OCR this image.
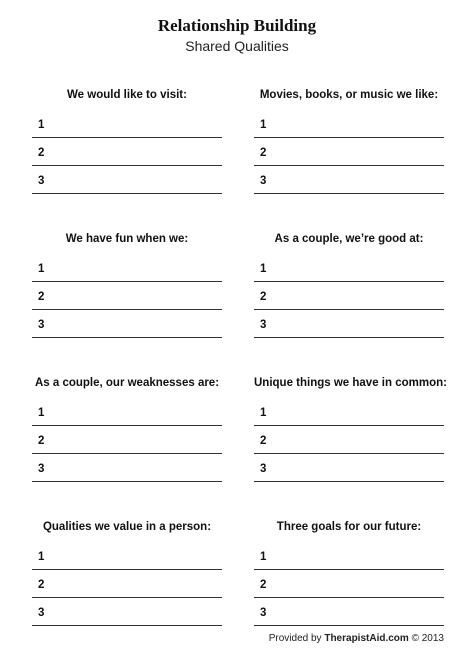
Relationship Building
Shared Qualities
We would like to visit:
1
2
3
Movies, books, or music we like:
1
2
3
We have fun when we:
1
2
3
As a couple, we’re good at:
1
2
3
As a couple, our weaknesses are:
1
2
3
Unique things we have in common:
1
2
3
Qualities we value in a person:
1
2
3
Three goals for our future:
1
2
3
Provided by TherapistAid.com © 2013
